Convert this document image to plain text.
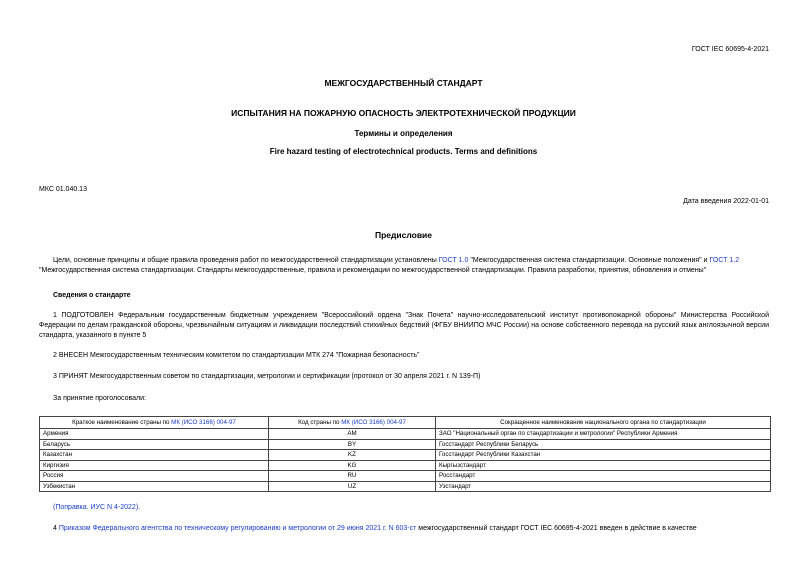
ГОСТ IEC 60695-4-2021
МЕЖГОСУДАРСТВЕННЫЙ СТАНДАРТ
ИСПЫТАНИЯ НА ПОЖАРНУЮ ОПАСНОСТЬ ЭЛЕКТРОТЕХНИЧЕСКОЙ ПРОДУКЦИИ
Термины и определения
Fire hazard testing of electrotechnical products. Terms and definitions
МКС 01.040.13
Дата введения 2022-01-01
Предисловие
Цели, основные принципы и общие правила проведения работ по межгосударственной стандартизации установлены ГОСТ 1.0 "Межгосударственная система стандартизации. Основные положения" и ГОСТ 1.2 "Межгосударственная система стандартизации. Стандарты межгосударственные, правила и рекомендации по межгосударственной стандартизации. Правила разработки, принятия, обновления и отмены"
Сведения о стандарте
1 ПОДГОТОВЛЕН Федеральным государственным бюджетным учреждением "Всероссийский ордена "Знак Почета" научно-исследовательский институт противопожарной обороны" Министерства Российской Федерации по делам гражданской обороны, чрезвычайным ситуациям и ликвидации последствий стихийных бедствий (ФГБУ ВНИИПО МЧС России) на основе собственного перевода на русский язык англоязычной версии стандарта, указанного в пункте 5
2 ВНЕСЕН Межгосударственным техническим комитетом по стандартизации МТК 274 "Пожарная безопасность"
3 ПРИНЯТ Межгосударственным советом по стандартизации, метрологии и сертификации (протокол от 30 апреля 2021 г. N 139-П)
За принятие проголосовали:
Краткое наименование страны по МК (ИСО 3166) 004-97	Код страны по МК (ИСО 3166) 004-97	Сокращенное наименование национального органа по стандартизации
Армения	AM	ЗАО "Национальный орган по стандартизации и метрологии" Республики Армения
Беларусь	BY	Госстандарт Республики Беларусь
Казахстан	KZ	Госстандарт Республики Казахстан
Киргизия	KG	Кыргызстандарт
Россия	RU	Росстандарт
Узбекистан	UZ	Узстандарт
(Поправка. ИУС N 4-2022).
4 Приказом Федерального агентства по техническому регулированию и метрологии от 29 июня 2021 г. N 603-ст межгосударственный стандарт ГОСТ IEC 60695-4-2021 введен в действие в качестве
